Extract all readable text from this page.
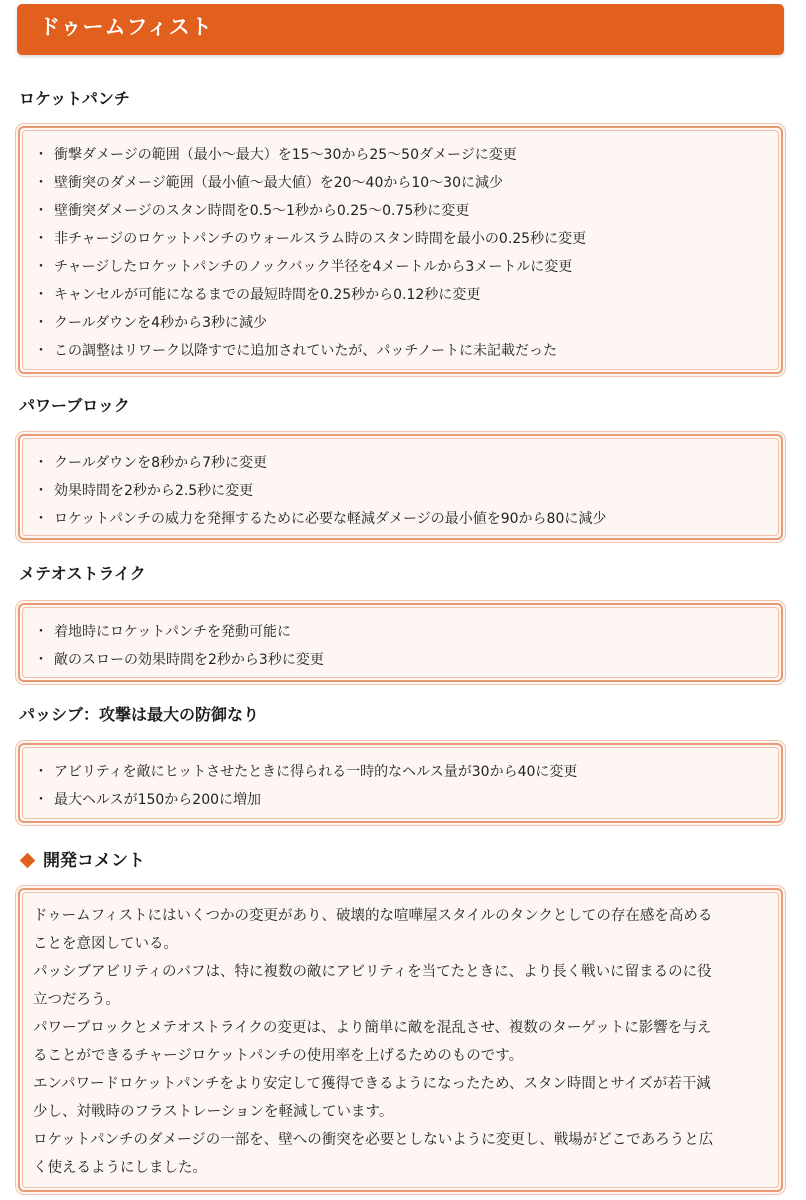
ドゥームフィスト
ロケットパンチ
・ 衝撃ダメージの範囲（最小～最大）を15～30から25～50ダメージに変更
・ 壁衝突のダメージ範囲（最小値～最大値）を20～40から10～30に減少
・ 壁衝突ダメージのスタン時間を0.5～1秒から0.25～0.75秒に変更
・ 非チャージのロケットパンチのウォールスラム時のスタン時間を最小の0.25秒に変更
・ チャージしたロケットパンチのノックバック半径を4メートルから3メートルに変更
・ キャンセルが可能になるまでの最短時間を0.25秒から0.12秒に変更
・ クールダウンを4秒から3秒に減少
・ この調整はリワーク以降すでに追加されていたが、パッチノートに未記載だった
パワーブロック
・ クールダウンを8秒から7秒に変更
・ 効果時間を2秒から2.5秒に変更
・ ロケットパンチの威力を発揮するために必要な軽減ダメージの最小値を90から80に減少
メテオストライク
・ 着地時にロケットパンチを発動可能に
・ 敵のスローの効果時間を2秒から3秒に変更
パッシブ：攻撃は最大の防御なり
・ アビリティを敵にヒットさせたときに得られる一時的なヘルス量が30から40に変更
・ 最大ヘルスが150から200に増加
開発コメント
ドゥームフィストにはいくつかの変更があり、破壊的な喧嘩屋スタイルのタンクとしての存在感を高める
ことを意図している。
パッシブアビリティのバフは、特に複数の敵にアビリティを当てたときに、より長く戦いに留まるのに役
立つだろう。
パワーブロックとメテオストライクの変更は、より簡単に敵を混乱させ、複数のターゲットに影響を与え
ることができるチャージロケットパンチの使用率を上げるためのものです。
エンパワードロケットパンチをより安定して獲得できるようになったため、スタン時間とサイズが若干減
少し、対戦時のフラストレーションを軽減しています。
ロケットパンチのダメージの一部を、壁への衝突を必要としないように変更し、戦場がどこであろうと広
く使えるようにしました。
